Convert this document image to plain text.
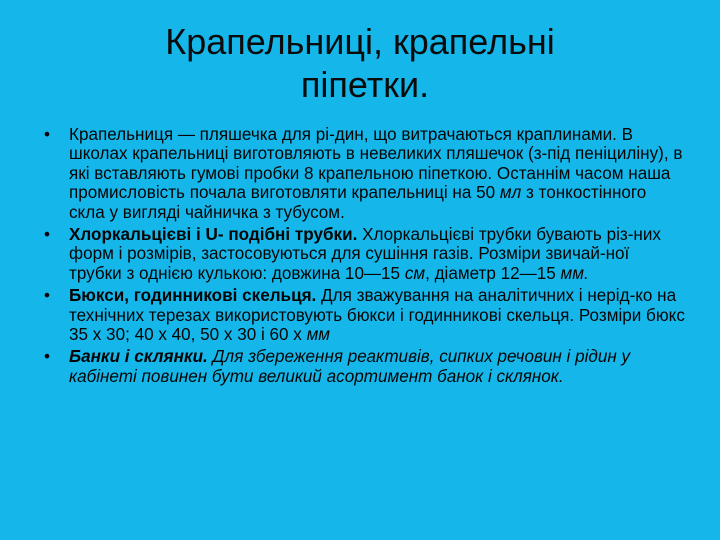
Крапельниці, крапельні
піпетки.
• Крапельниця — пляшечка для рі-дин, що витрачаються краплинами. В школах крапельниці виготовляють в невеликих пляшечок (з-під пеніциліну), в які вставляють гумові пробки 8 крапельною піпеткою. Останнім часом наша промисловість почала виготовляти крапельниці на 50 мл з тонкостінного скла у вигляді чайничка з тубусом.
• Хлоркальцієві і U- подібні трубки. Хлоркальцієві трубки бувають різ-них форм і розмірів, застосовуються для сушіння газів. Розміри звичай-ної трубки з однією кулькою: довжина 10—15 см, діаметр 12—15 мм.
• Бюкси, годинникові скельця. Для зважування на аналітичних і нерід-ко на технічних терезах використовують бюкси і годинникові скельця. Розміри бюкс 35 х 30; 40 х 40, 50 х 30 і 60 х мм
• Банки і склянки. Для збереження реактивів, сипких речовин і рідин у кабінеті повинен бути великий асортимент банок і склянок.
